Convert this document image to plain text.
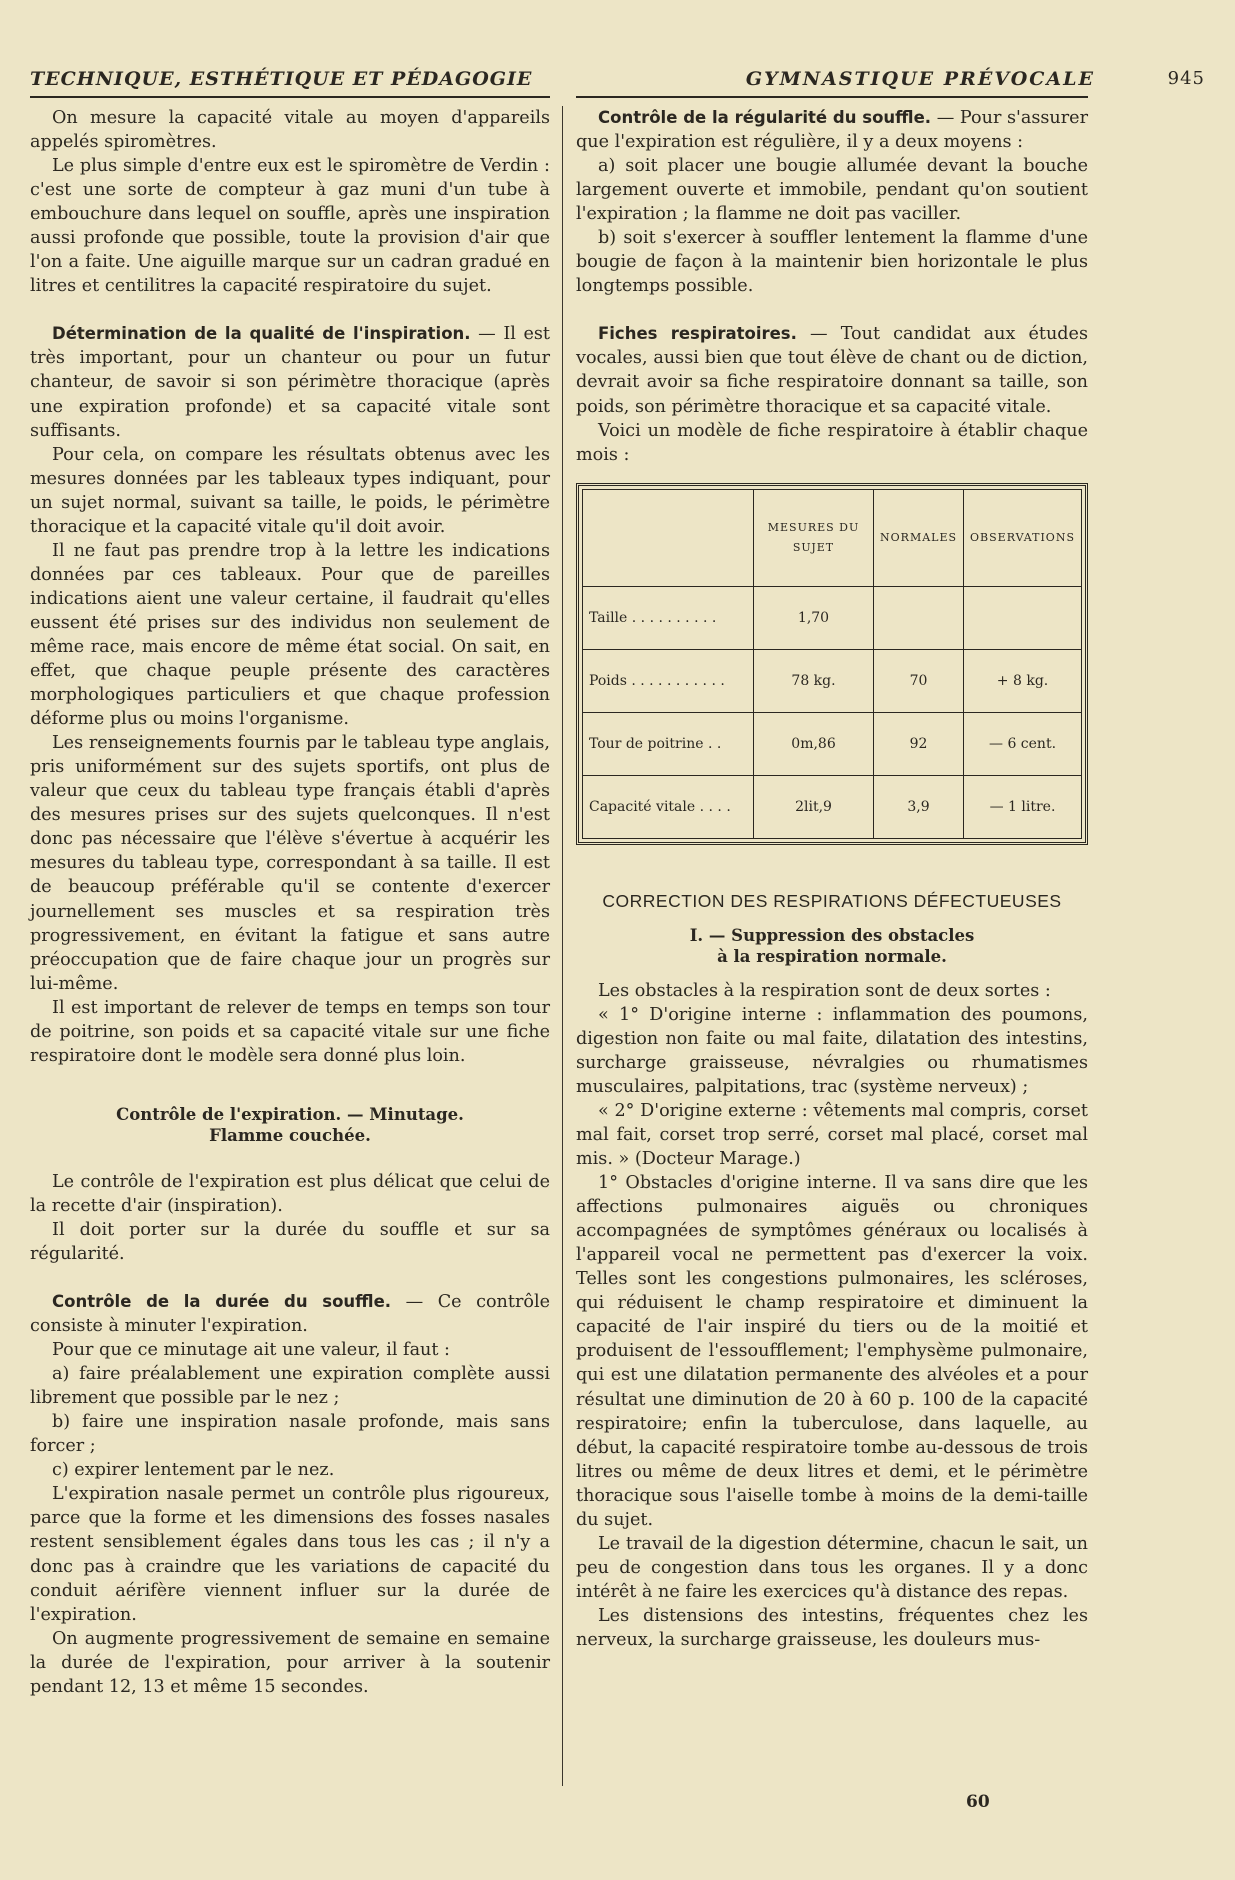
TECHNIQUE, ESTHÉTIQUE ET PÉDAGOGIE	GYMNASTIQUE PRÉVOCALE	945

On mesure la capacité vitale au moyen d'appareils appelés spiromètres.

Le plus simple d'entre eux est le spiromètre de Verdin : c'est une sorte de compteur à gaz muni d'un tube à embouchure dans lequel on souffle, après une inspiration aussi profonde que possible, toute la provision d'air que l'on a faite. Une aiguille marque sur un cadran gradué en litres et centilitres la capacité respiratoire du sujet.

Détermination de la qualité de l'inspiration. — Il est très important, pour un chanteur ou pour un futur chanteur, de savoir si son périmètre thoracique (après une expiration profonde) et sa capacité vitale sont suffisants.

Pour cela, on compare les résultats obtenus avec les mesures données par les tableaux types indiquant, pour un sujet normal, suivant sa taille, le poids, le périmètre thoracique et la capacité vitale qu'il doit avoir.

Il ne faut pas prendre trop à la lettre les indications données par ces tableaux. Pour que de pareilles indications aient une valeur certaine, il faudrait qu'elles eussent été prises sur des individus non seulement de même race, mais encore de même état social. On sait, en effet, que chaque peuple présente des caractères morphologiques particuliers et que chaque profession déforme plus ou moins l'organisme.

Les renseignements fournis par le tableau type anglais, pris uniformément sur des sujets sportifs, ont plus de valeur que ceux du tableau type français établi d'après des mesures prises sur des sujets quelconques. Il n'est donc pas nécessaire que l'élève s'évertue à acquérir les mesures du tableau type, correspondant à sa taille. Il est de beaucoup préférable qu'il se contente d'exercer journellement ses muscles et sa respiration très progressivement, en évitant la fatigue et sans autre préoccupation que de faire chaque jour un progrès sur lui-même.

Il est important de relever de temps en temps son tour de poitrine, son poids et sa capacité vitale sur une fiche respiratoire dont le modèle sera donné plus loin.

Contrôle de l'expiration. — Minutage.

Flamme couchée.

Le contrôle de l'expiration est plus délicat que celui de la recette d'air (inspiration).

Il doit porter sur la durée du souffle et sur sa régularité.

Contrôle de la durée du souffle. — Ce contrôle consiste à minuter l'expiration.

Pour que ce minutage ait une valeur, il faut :

a) faire préalablement une expiration complète aussi librement que possible par le nez ;

b) faire une inspiration nasale profonde, mais sans forcer ;

c) expirer lentement par le nez.

L'expiration nasale permet un contrôle plus rigoureux, parce que la forme et les dimensions des fosses nasales restent sensiblement égales dans tous les cas ; il n'y a donc pas à craindre que les variations de capacité du conduit aérifère viennent influer sur la durée de l'expiration.

On augmente progressivement de semaine en semaine la durée de l'expiration, pour arriver à la soutenir pendant 12, 13 et même 15 secondes.

Contrôle de la régularité du souffle. — Pour s'assurer que l'expiration est régulière, il y a deux moyens :

a) soit placer une bougie allumée devant la bouche largement ouverte et immobile, pendant qu'on soutient l'expiration ; la flamme ne doit pas vaciller.

b) soit s'exercer à souffler lentement la flamme d'une bougie de façon à la maintenir bien horizontale le plus longtemps possible.

Fiches respiratoires. — Tout candidat aux études vocales, aussi bien que tout élève de chant ou de diction, devrait avoir sa fiche respiratoire donnant sa taille, son poids, son périmètre thoracique et sa capacité vitale.

Voici un modèle de fiche respiratoire à établir chaque mois :

	MESURES DU SUJET	NORMALES	OBSERVATIONS
Taille . . . . . . . . . .	1,70		
Poids . . . . . . . . . . .	78 kg.	70	+ 8 kg.
Tour de poitrine . .	0m,86	92	— 6 cent.
Capacité vitale . . . .	2lit,9	3,9	— 1 litre.

CORRECTION DES RESPIRATIONS DÉFECTUEUSES

I. — Suppression des obstacles

à la respiration normale.

Les obstacles à la respiration sont de deux sortes :

« 1° D'origine interne : inflammation des poumons, digestion non faite ou mal faite, dilatation des intestins, surcharge graisseuse, névralgies ou rhumatismes musculaires, palpitations, trac (système nerveux) ;

« 2° D'origine externe : vêtements mal compris, corset mal fait, corset trop serré, corset mal placé, corset mal mis. » (Docteur Marage.)

1° Obstacles d'origine interne. Il va sans dire que les affections pulmonaires aiguës ou chroniques accompagnées de symptômes généraux ou localisés à l'appareil vocal ne permettent pas d'exercer la voix. Telles sont les congestions pulmonaires, les scléroses, qui réduisent le champ respiratoire et diminuent la capacité de l'air inspiré du tiers ou de la moitié et produisent de l'essoufflement; l'emphysème pulmonaire, qui est une dilatation permanente des alvéoles et a pour résultat une diminution de 20 à 60 p. 100 de la capacité respiratoire; enfin la tuberculose, dans laquelle, au début, la capacité respiratoire tombe au-dessous de trois litres ou même de deux litres et demi, et le périmètre thoracique sous l'aiselle tombe à moins de la demi-taille du sujet.

Le travail de la digestion détermine, chacun le sait, un peu de congestion dans tous les organes. Il y a donc intérêt à ne faire les exercices qu'à distance des repas.

Les distensions des intestins, fréquentes chez les nerveux, la surcharge graisseuse, les douleurs mus-

60
